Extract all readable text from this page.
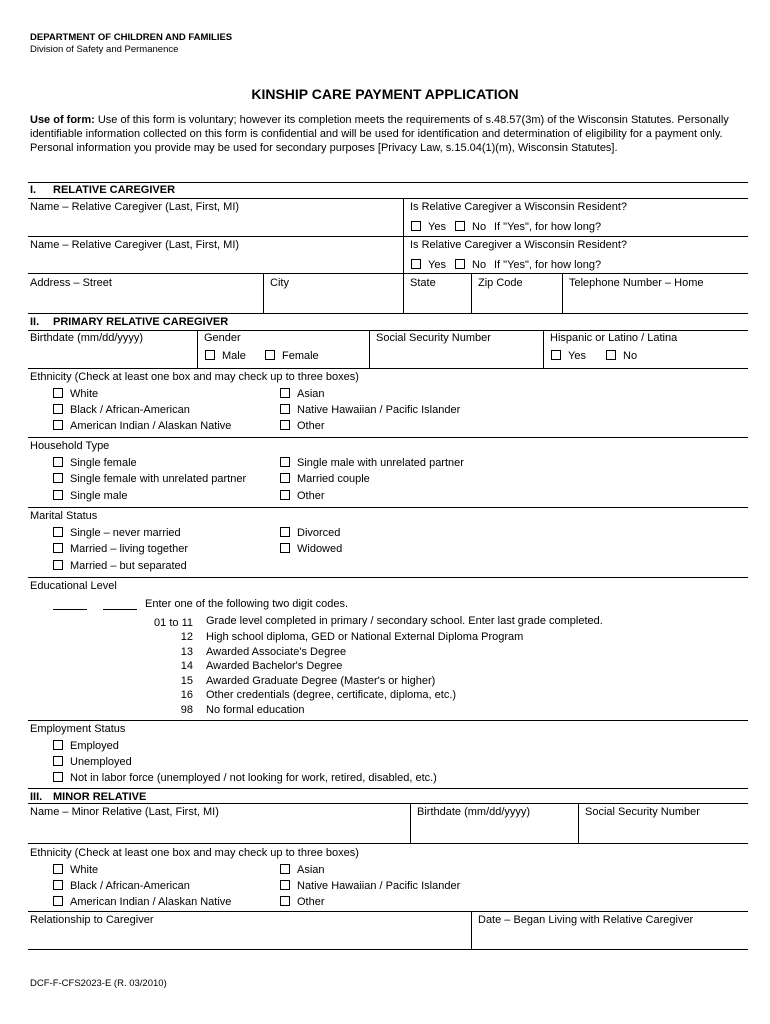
DEPARTMENT OF CHILDREN AND FAMILIES
Division of Safety and Permanence
KINSHIP CARE PAYMENT APPLICATION
Use of form: Use of this form is voluntary; however its completion meets the requirements of s.48.57(3m) of the Wisconsin Statutes. Personally identifiable information collected on this form is confidential and will be used for identification and determination of eligibility for a payment only. Personal information you provide may be used for secondary purposes [Privacy Law, s.15.04(1)(m), Wisconsin Statutes].
I. RELATIVE CAREGIVER
Name – Relative Caregiver (Last, First, MI)	Is Relative Caregiver a Wisconsin Resident?
Yes No If "Yes", for how long?
Name – Relative Caregiver (Last, First, MI)	Is Relative Caregiver a Wisconsin Resident?
Yes No If "Yes", for how long?
Address – Street	City	State	Zip Code	Telephone Number – Home
II. PRIMARY RELATIVE CAREGIVER
Birthdate (mm/dd/yyyy)	Gender
Male	Female
Social Security Number	Hispanic or Latino / Latina
Yes	No
Ethnicity (Check at least one box and may check up to three boxes)
White
Black / African-American
American Indian / Alaskan Native
Asian
Native Hawaiian / Pacific Islander
Other
Household Type
Single female
Single female with unrelated partner
Single male
Single male with unrelated partner
Married couple
Other
Marital Status
Single – never married
Married – living together
Married – but separated
Divorced
Widowed
Educational Level
Enter one of the following two digit codes.
01 to 11 Grade level completed in primary / secondary school. Enter last grade completed.
12 High school diploma, GED or National External Diploma Program
13 Awarded Associate's Degree
14 Awarded Bachelor's Degree
15 Awarded Graduate Degree (Master's or higher)
16 Other credentials (degree, certificate, diploma, etc.)
98 No formal education
Employment Status
Employed
Unemployed
Not in labor force (unemployed / not looking for work, retired, disabled, etc.)
III. MINOR RELATIVE
Name – Minor Relative (Last, First, MI)	Birthdate (mm/dd/yyyy)	Social Security Number
Ethnicity (Check at least one box and may check up to three boxes)
White
Black / African-American
American Indian / Alaskan Native
Asian
Native Hawaiian / Pacific Islander
Other
Relationship to Caregiver	Date – Began Living with Relative Caregiver
DCF-F-CFS2023-E (R. 03/2010)
